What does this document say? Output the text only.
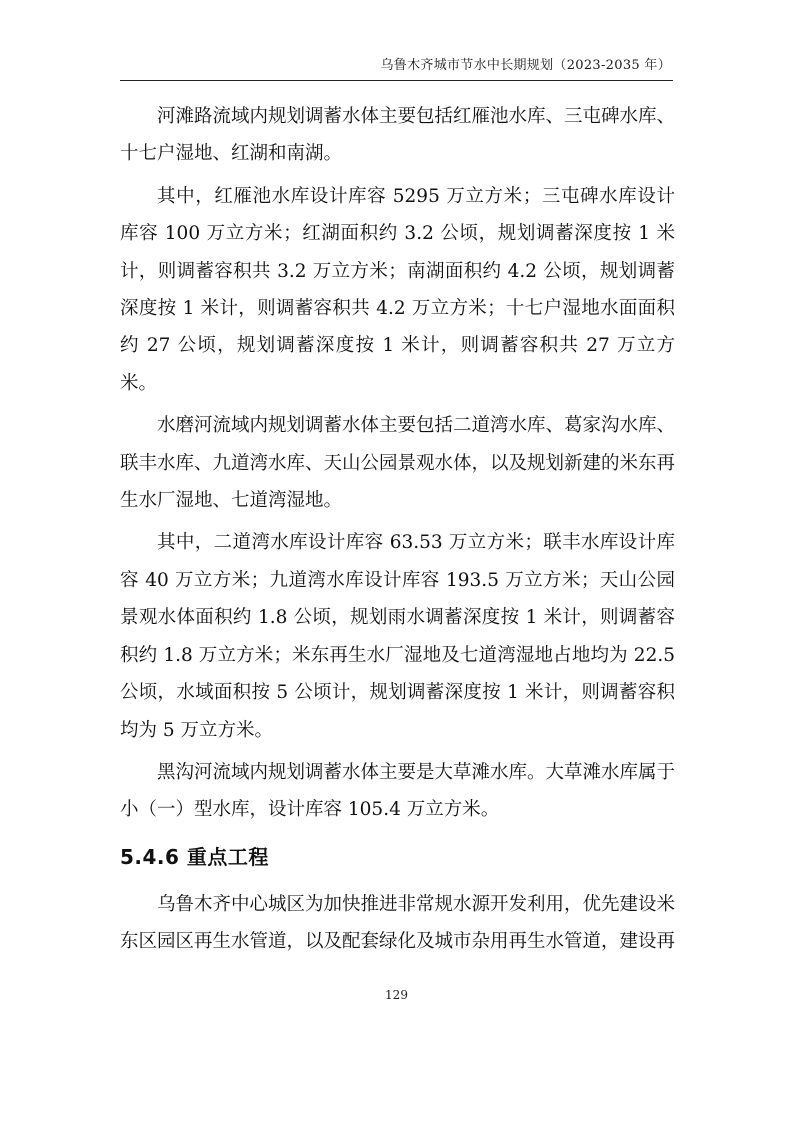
乌鲁木齐城市节水中长期规划（2023-2035 年）

河滩路流域内规划调蓄水体主要包括红雁池水库、三屯碑水库、十七户湿地、红湖和南湖。

其中，红雁池水库设计库容 5295 万立方米；三屯碑水库设计库容 100 万立方米；红湖面积约 3.2 公顷，规划调蓄深度按 1 米计，则调蓄容积共 3.2 万立方米；南湖面积约 4.2 公顷，规划调蓄深度按 1 米计，则调蓄容积共 4.2 万立方米；十七户湿地水面面积约 27 公顷，规划调蓄深度按 1 米计，则调蓄容积共 27 万立方米。

水磨河流域内规划调蓄水体主要包括二道湾水库、葛家沟水库、联丰水库、九道湾水库、天山公园景观水体，以及规划新建的米东再生水厂湿地、七道湾湿地。

其中，二道湾水库设计库容 63.53 万立方米；联丰水库设计库容 40 万立方米；九道湾水库设计库容 193.5 万立方米；天山公园景观水体面积约 1.8 公顷，规划雨水调蓄深度按 1 米计，则调蓄容积约 1.8 万立方米；米东再生水厂湿地及七道湾湿地占地均为 22.5 公顷，水域面积按 5 公顷计，规划调蓄深度按 1 米计，则调蓄容积均为 5 万立方米。

黑沟河流域内规划调蓄水体主要是大草滩水库。大草滩水库属于小（一）型水库，设计库容 105.4 万立方米。

5.4.6 重点工程

乌鲁木齐中心城区为加快推进非常规水源开发利用，优先建设米东区园区再生水管道，以及配套绿化及城市杂用再生水管道，建设再

129
